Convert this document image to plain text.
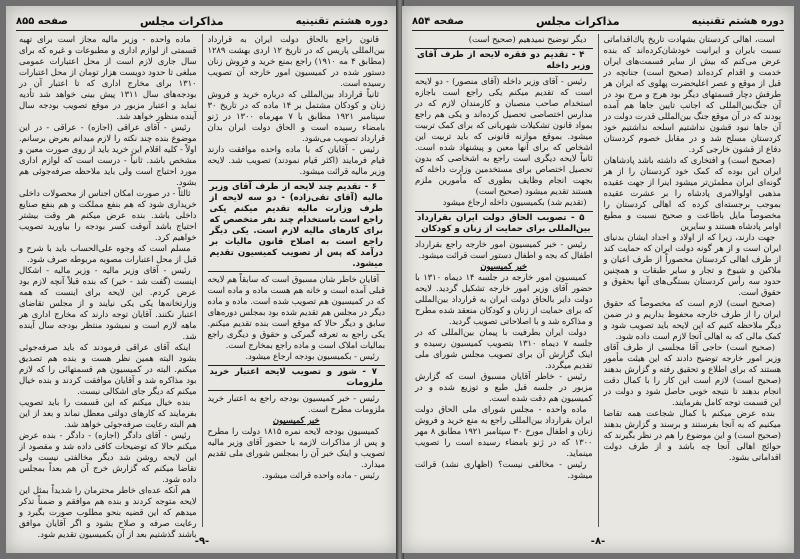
دوره هشتم تقنینیه
مذاکرات مجلس
صفحه ۸۵۵

قانون راجع بالحاق دولت ایران به قرارداد بین‌المللی پاریس که در تاریخ ۱۲ اردی بهشت ۱۲۸۹ (مطابق ۴ مه ۱۹۱۰) راجع بمنع خرید و فروش زنان دستور شده در کمیسیون امور خارجه آن تصویب رسیده است.

ثانیاً قرارداد بین‌المللی که درباره خرید و فروش زنان و کودکان مشتمل بر ۱۴ ماده که در تاریخ ۳۰ سپتامبر ۱۹۲۱ مطابق با ۷ مهرماه ۱۳۰۰ در ژنو بامضاء رسیده است و الحاق دولت ایران بدان قرارداد تصویب می‌شود.

رئیس - آقایان که با ماده واحده موافقت دارند قیام فرمایند (اکثر قیام نمودند) تصویب شد. لایحه وزیر مالیه قرائت میشود.

۶ - تقدیم چند لایحه از طرف آقای وزیر مالیه (آقای تقی‌زاده) - دو سه لایحه از طرف وزارت مالیه تقدیم میکنم یکی راجع است باستخدام چند نفر متخصص که برای کارهای مالیه لازم است. یکی دیگر راجع است به اصلاح قانون مالیات بر درآمد که پس از تصویب کمیسیون تقدیم میشود.

آقایان خاطر شان مسبوق است که سابقاً هم لایحه قبلی آمده است و خانه هم هست ماده و ماده است که در کمیسیون هم تصویب شده است. ماده و ماده دیگر در مجلس هم تقدیم شده بود بمجلس دوره‌های سابق و دیگر حالا که موقع است بنده تقدیم میکنم. یکی راجع به تعرفه گمرکی و حقوق و دیگری راجع بمالیات املاک است و ماده راجع بمخارج است.

رئیس - بکمیسیون بودجه ارجاع میشود.

۷ - شور و تصویب لایحه اعتبار خرید ملزومات

رئیس - خبر کمیسیون بودجه راجع به اعتبار خرید ملزومات مطرح است.

خبر کمیسیون

کمیسیون بودجه لایحه نمره ۱۸۱۵ دولت را مطرح و پس از مذاکرات لازمه با حضور آقای وزیر مالیه تصویب و اینک خبر آن را بمجلس شورای ملی تقدیم میدارد.

رئیس - ماده واحده قرائت میشود.

ماده واحده - وزیر مالیه مجاز است برای تهیه قسمتی از لوازم اداری و مطبوعات و غیره که برای سال جاری لازم است از محل اعتبارات عمومی مبلغی تا حدود دویست هزار تومان از محل اعتبارات ۱۳۱۰ برای مخارج اداری که تا اعتبار آن در بودجه‌های سال ۱۳۱۱ پیش بینی خواهد شد تأدیه نماید و اعتبار مزبور در موقع تصویب بودجه سال آینده منظور خواهد شد.

رئیس - آقای عراقی (اجازه) - عراقی - در این موضوع بنده چند نکته را لازم میدانم بعرض برسانم. اولاً - کلیه اقلام این خرید باید از روی صورت معین و مشخص باشد. ثانیاً - درست است که لوازم اداری مورد احتیاج است ولی باید ملاحظه صرفه‌جوئی هم بشود.

ثالثاً - در صورت امکان اجناس از محصولات داخلی خریداری شود که هم بنفع مملکت و هم بنفع صنایع داخلی باشد. بنده عرض میکنم هر وقت بیشتر احتیاج باشد آنوقت کسر بودجه را بیاورید تصویب خواهیم کرد.

مسلم است که وجوه علی‌الحساب باید با شرح و قبل از محل اعتبارات مصوبه مربوطه صرف شود.

رئیس - آقای وزیر مالیه - وزیر مالیه - اشکال اینست (گفت شد - خیر) که بنده قبلاً آنچه لازم بود عرض کردم. این لایحه برای اینست که همه وزارتخانه‌ها یکی یکی نیایند و از مجلس تقاضای اعتبار نکنند. آقایان توجه دارند که مخارج اداری هر ماهه لازم است و نمیشود منتظر بودجه سال آینده شد.

اینکه آقای عراقی فرمودند که باید صرفه‌جوئی بشود البته همین نظر هست و بنده هم تصدیق میکنم. البته در کمیسیون هم قسمتهائی را که لازم بود مذاکره شد و آقایان موافقت کردند و بنده خیال میکنم که دیگر جای اشکالی نیست.

بنده خیال میکنم که این قسمت را باید تصویب بفرمایند که کارهای دولتی معطل نماند و بعد از این هم البته رعایت صرفه‌جوئی خواهد شد.

رئیس - آقای دادگر (اجازه) - دادگر - بنده عرض میکنم حالا که توضیحات کافی داده شد و مقصود از این لایحه روشن شد دیگر مخالفتی نیست ولی تقاضا میکنم که گزارش خرج آن هم بعداً بمجلس داده شود.

هم آنکه عده‌ای خاطر محترمان را شدیداً بمثل این لایحه متوجه کردند و بنده هم موافقم و ضمناً تذکر میدهم که این قضیه بنحو مطلوب صورت بگیرد و رعایت صرفه و صلاح بشود و اگر آقایان موافق باشند گذشتیم بعد از آن بکمیسیون تقدیم شود.

-۹-
دوره هشتم تقنینیه
مذاکرات مجلس
صفحه ۸۵۴

است، اهالی کردستان بشهادت تاریخ پاك‌اقداماتی نسبت بایران و ایرانیت خودشان‌کرده‌اند که بنده عرض می‌کنم که بیش از سایر قسمت‌های ایران خدمت و اقدام کرده‌اند (صحیح است) جنانچه در قبل از موقع و عصر اعلیحضرت پهلوی که ایران هر طرفش دچار قسمتهای دیگر بود هرج و مرج بود در آن جنگ‌بین‌المللی که اجانب تایین جاها هم آمده بودند که در آن موقع جنگ بین‌المللی قدرت دولت در آن جاها نبود قشون نداشتیم اسلحه نداشتیم خود کردستان مسلح شد و در مقابل خصوم کردستان دفاع از قشون خارجی کرد.

(صحیح است) و افتخاری که داشته باشد پادشاهان ایران این بوده که کمک خود کردستان را از هر گونه‌ای ایران مطمئن‌تر میشود اینرا از جهت عقیده مذهبی اولوالامری پادشاه را بر عشرت عقیده بموجب برجسته‌ای کرده که اهالی کردستان را مخصوصاً مایل باطاعت و صحیح نسبت و مطیع اوامر پادشاه هستند و سایرین

جهت دارند، زیرا که از اولاد و اجداد ایشان بدنیای ایران است و از هر گونه دولت ایران که حمایت کند از طرف اهالی کردستان محصوراً از طرف اعیان و ملاکین و شیوخ و تجار و سایر طبقات و همچنین حدود سه رأس کردستان بستگی‌های آنها بحقوق و حقوق است.

(صحیح است) لازم است که مخصوصاً که حقوق ایران را از طرف خارجه محفوظ بداریم و در ضمن دیگر ملاحظه کنیم که این لایحه باید تصویب شود و کمک مالی که به اهالی آنجا لازم است داده شود.

(صحیح است) حاجی آقا مجلسی از طرف آقای وزیر امور خارجه توضیح دادند که این هیئت مأمور هستند که برای اطلاع و تحقیق رفته و گزارش بدهند (صحیح است) لازم است این کار را با کمال دقت انجام بدهند تا نتیجه خوبی حاصل شود و دولت در این قسمت توجه کامل بفرمایند.

بنده عرض میکنم با کمال شجاعت همه تقاضا میکنیم که به آنجا بفرستند و برسند و گزارش بدهند (صحیح است) و این موضوع را هم در نظر بگیرند که حوائج اهالی آنجا چه باشد و از طرف دولت اقداماتی بشود.

دیگر توضیح نمیدهیم (صحیح است)

۴ - تقدیم دو فقره لایحه از طرف آقای وزیر داخله

رئیس - آقای وزیر داخله (آقای منصور) - دو لایحه است که تقدیم میکنم یکی راجع است باجازه استخدام صاحب منصبان و کارمندان لازم که در مدارس اختصاصی تحصیل کرده‌اند و یکی هم راجع بمواد قانون تشکیلات شهربانی که برای کمک تربیت میشود. بموقع موازنه قانونی که باید تربیت این اشخاص که برای آنها معین و پیشنهاد شده است. ثانیاً لایحه دیگری است راجع به اشخاصی که بدون تحصیل اختصاص برای مستخدمین وزارت داخله که بجهت انجام وظایف بطوری که مأمورین ملزم هستند تقدیم میشود (صحیح است)

(تقدیم شد) بکمیسیون داخله ارجاع میشود

۵ - تصویب الحاق دولت ایران بقرارداد بین‌المللی برای حمایت از زنان و کودکان

رئیس - خبر کمیسیون امور خارجه راجع بقرارداد اطفال که بجه و اطفال دستور است قرائت میشود.

خبر کمیسیون

کمیسیون امور خارجه در جلسه ۱۴ دیماه ۱۳۱۰ با حضور آقای وزیر امور خارجه تشکیل گردید. لایحه دولت دایر بالحاق دولت ایران به قرارداد بین‌المللی که برای حمایت از زنان و کودکان منعقد شده مطرح و مذاکره شد و با اصلاحاتی تصویب گردید.

دولت ایران بطرفیت با پیمان بین‌المللی که در جلسه ۷ دیماه ۱۳۱۰ بتصویب کمیسیون رسیده و اینک گزارش آن برای تصویب مجلس شورای ملی تقدیم میگردد.

رئیس - خاطر آقایان مسبوق است که گزارش مزبور در جلسه قبل طبع و توزیع شده و در کمیسیون هم دقت شده است.

ماده واحده - مجلس شورای ملی الحاق دولت ایران بقرارداد بین‌المللی راجع به منع خرید و فروش زنان و اطفال مورخ ۳۰ سپتامبر ۱۹۲۱ مطابق ۸ مهر ۱۳۰۰ که در ژنو بامضاء رسیده است را تصویب مینماید.

رئیس - مخالفی نیست؟ (اظهاری نشد) قرائت میشود.

-۸-
